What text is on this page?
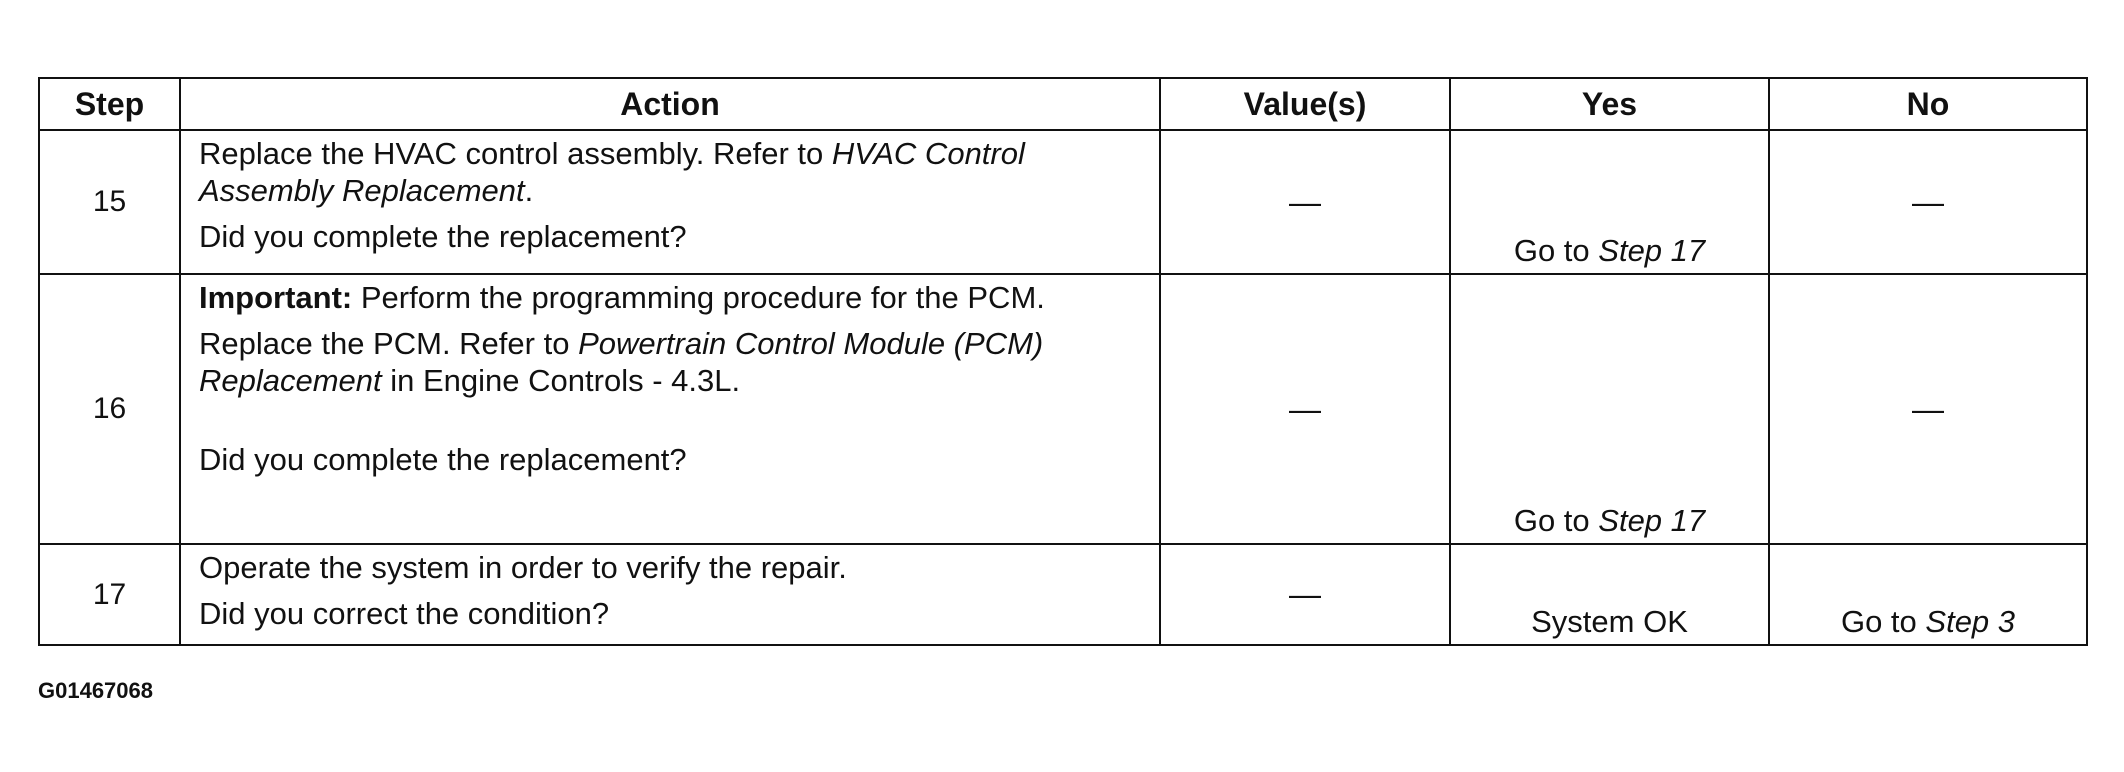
Step	Action	Value(s)	Yes	No
15	Replace the HVAC control assembly. Refer to HVAC Control Assembly Replacement.

Did you complete the replacement?	—	Go to Step 17	—
16	Important: Perform the programming procedure for the PCM.

Replace the PCM. Refer to Powertrain Control Module (PCM) Replacement in Engine Controls - 4.3L.

Did you complete the replacement?	—	Go to Step 17	—
17	Operate the system in order to verify the repair.

Did you correct the condition?	—	System OK	Go to Step 3
G01467068
